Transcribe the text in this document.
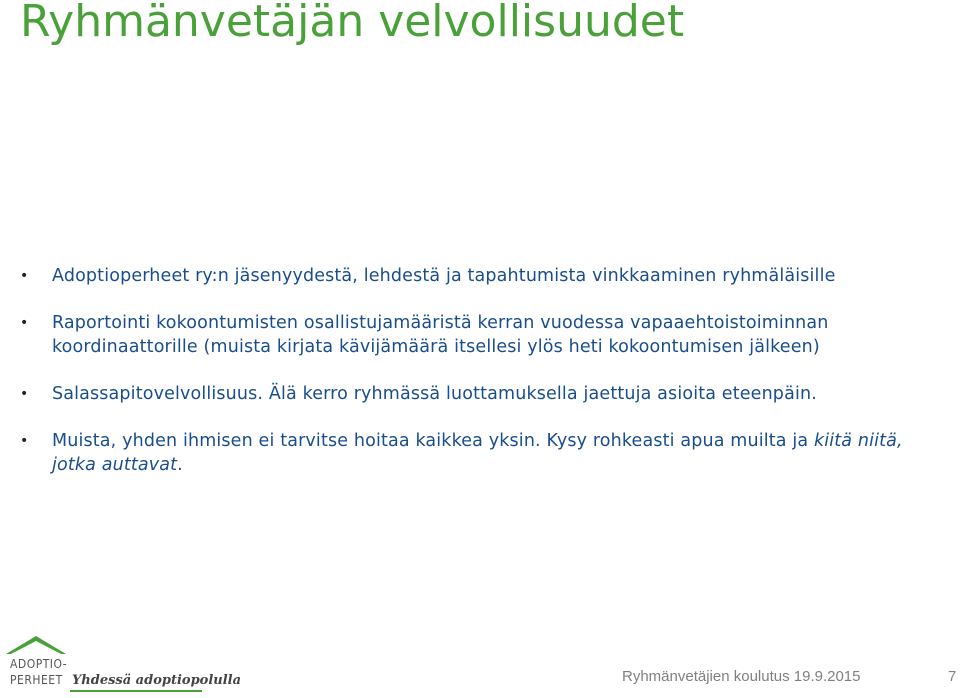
Ryhmänvetäjän velvollisuudet
• Adoptioperheet ry:n jäsenyydestä, lehdestä ja tapahtumista vinkkaaminen ryhmäläisille
• Raportointi kokoontumisten osallistujamääristä kerran vuodessa vapaaehtoistoiminnan koordinaattorille (muista kirjata kävijämäärä itsellesi ylös heti kokoontumisen jälkeen)
• Salassapitovelvollisuus. Älä kerro ryhmässä luottamuksella jaettuja asioita eteenpäin.
• Muista, yhden ihmisen ei tarvitse hoitaa kaikkea yksin. Kysy rohkeasti apua muilta ja kiitä niitä, jotka auttavat.
ADOPTIO-
PERHEET Yhdessä adoptiopolulla	Ryhmänvetäjien koulutus 19.9.2015	7
